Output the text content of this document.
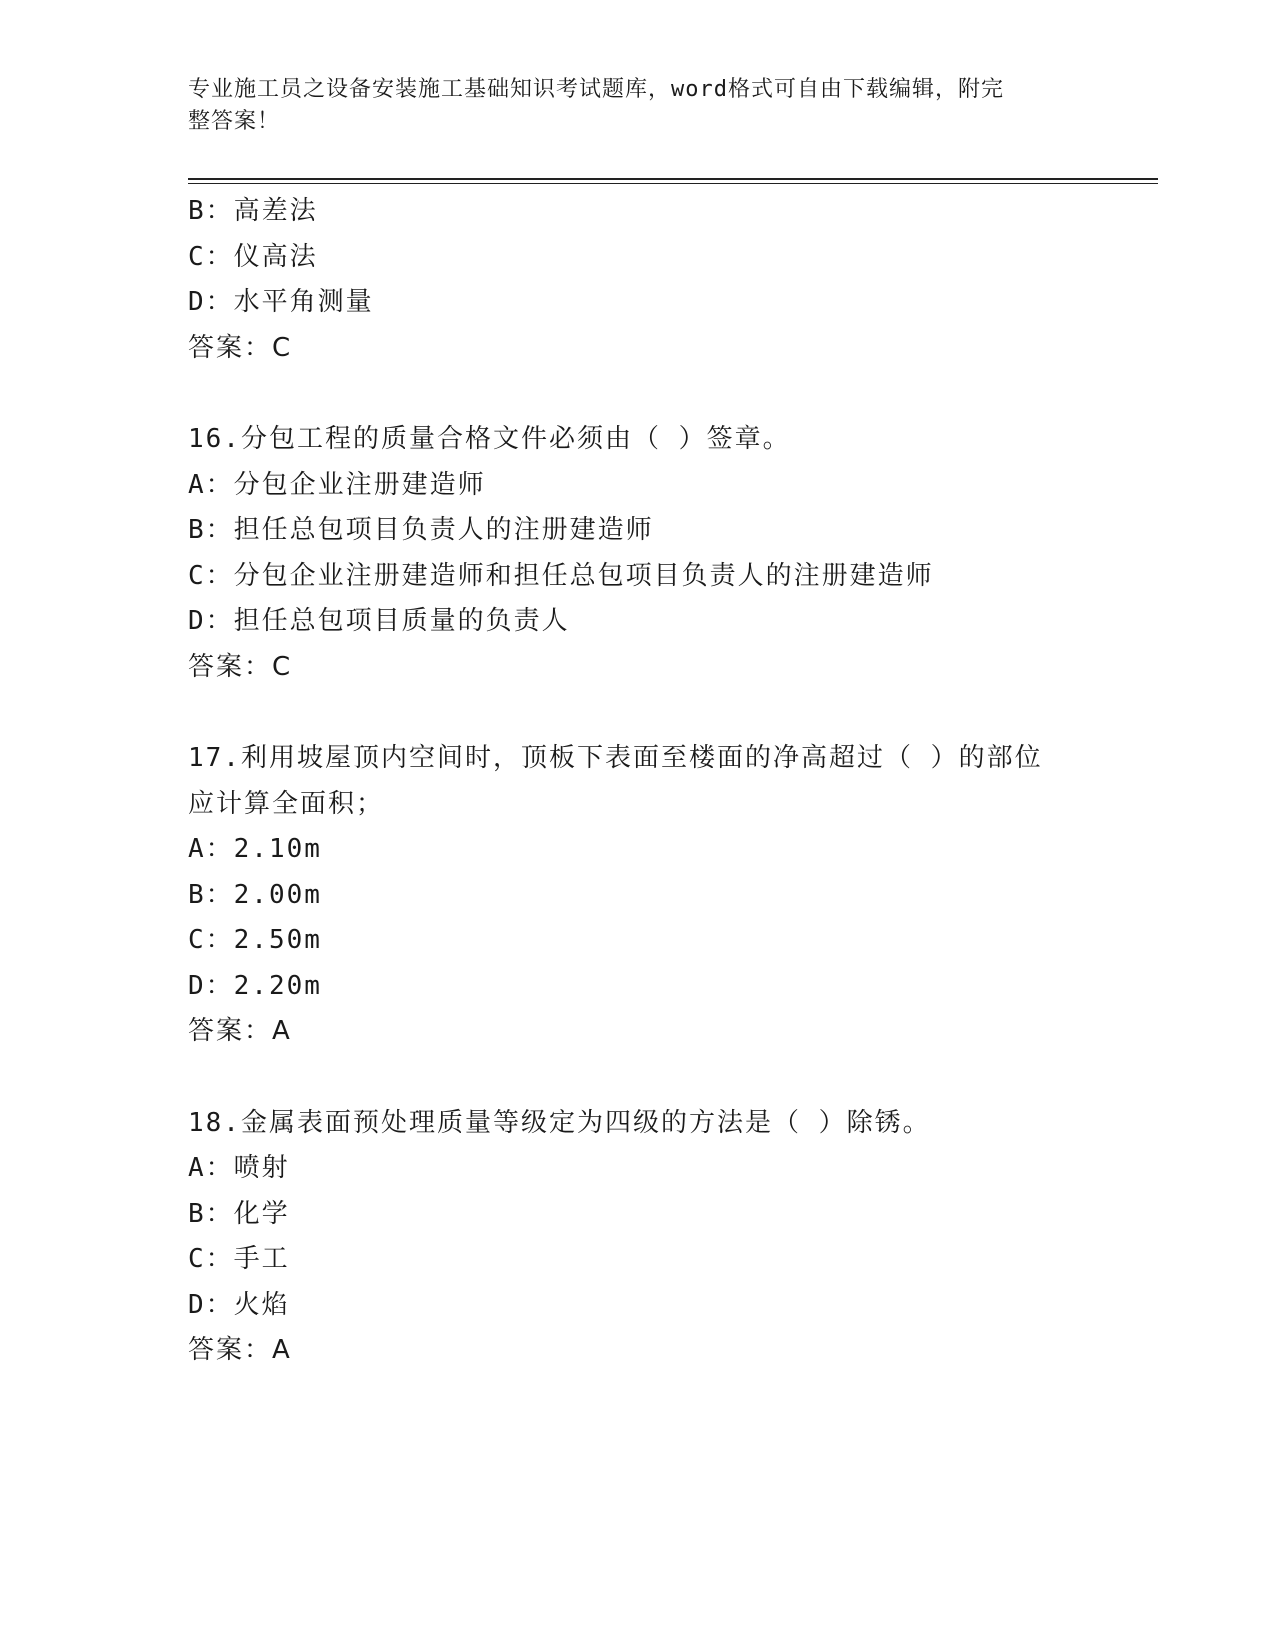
专业施工员之设备安装施工基础知识考试题库，word格式可自由下载编辑，附完
整答案！

B：高差法

C：仪高法

D：水平角测量

答案：C

16.分包工程的质量合格文件必须由（ ）签章。

A：分包企业注册建造师

B：担任总包项目负责人的注册建造师

C：分包企业注册建造师和担任总包项目负责人的注册建造师

D：担任总包项目质量的负责人

答案：C

17.利用坡屋顶内空间时，顶板下表面至楼面的净高超过（ ）的部位

应计算全面积；

A：2.10m

B：2.00m

C：2.50m

D：2.20m

答案：A

18.金属表面预处理质量等级定为四级的方法是（ ）除锈。

A：喷射

B：化学

C：手工

D：火焰

答案：A
